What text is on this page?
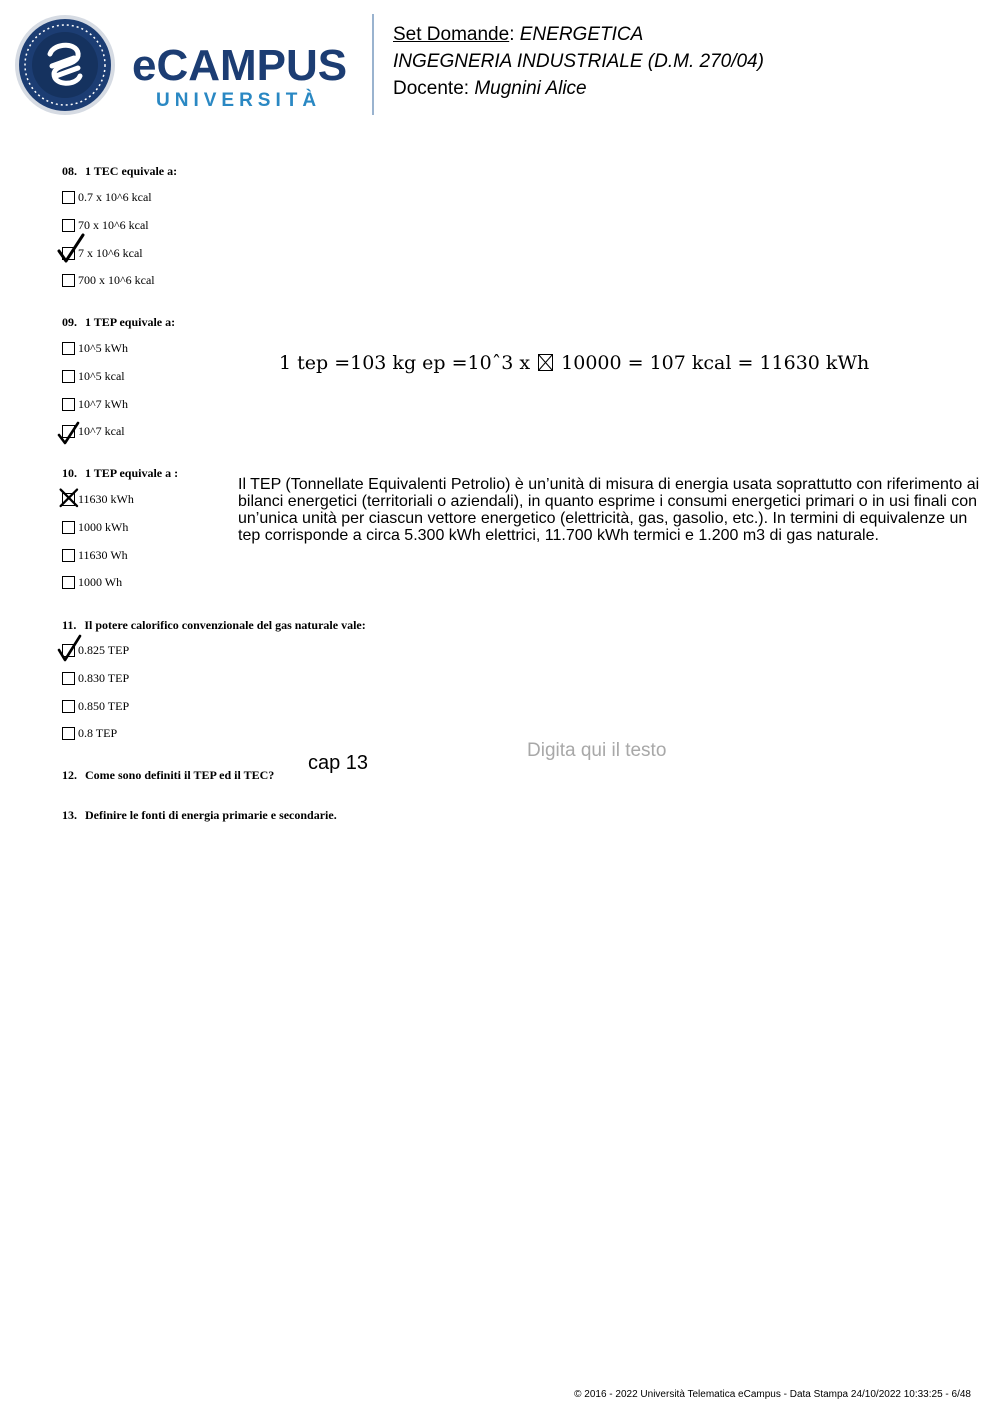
eCAMPUS
UNIVERSITÀ
Set Domande: ENERGETICA
INGEGNERIA INDUSTRIALE (D.M. 270/04)
Docente: Mugnini Alice
08. 1 TEC equivale a:
0.7 x 10^6 kcal
70 x 10^6 kcal
7 x 10^6 kcal
700 x 10^6 kcal
09. 1 TEP equivale a:
10^5 kWh
10^5 kcal
10^7 kWh
10^7 kcal
10. 1 TEP equivale a :
11630 kWh
1000 kWh
11630 Wh
1000 Wh
11. Il potere calorifico convenzionale del gas naturale vale:
0.825 TEP
0.830 TEP
0.850 TEP
0.8 TEP
12. Come sono definiti il TEP ed il TEC?
13. Definire le fonti di energia primarie e secondarie.
1 tep =103 kg ep =10ˆ3 x 10000 = 107 kcal = 11630 kWh
Il TEP (Tonnellate Equivalenti Petrolio) è un’unità di misura di energia usata soprattutto con riferimento ai bilanci energetici (territoriali o aziendali), in quanto esprime i consumi energetici primari o in usi finali con un’unica unità per ciascun vettore energetico (elettricità, gas, gasolio, etc.). In termini di equivalenze un tep corrisponde a circa 5.300 kWh elettrici, 11.700 kWh termici e 1.200 m3 di gas naturale.
cap 13
Digita qui il testo
© 2016 - 2022 Università Telematica eCampus - Data Stampa 24/10/2022 10:33:25 - 6/48
